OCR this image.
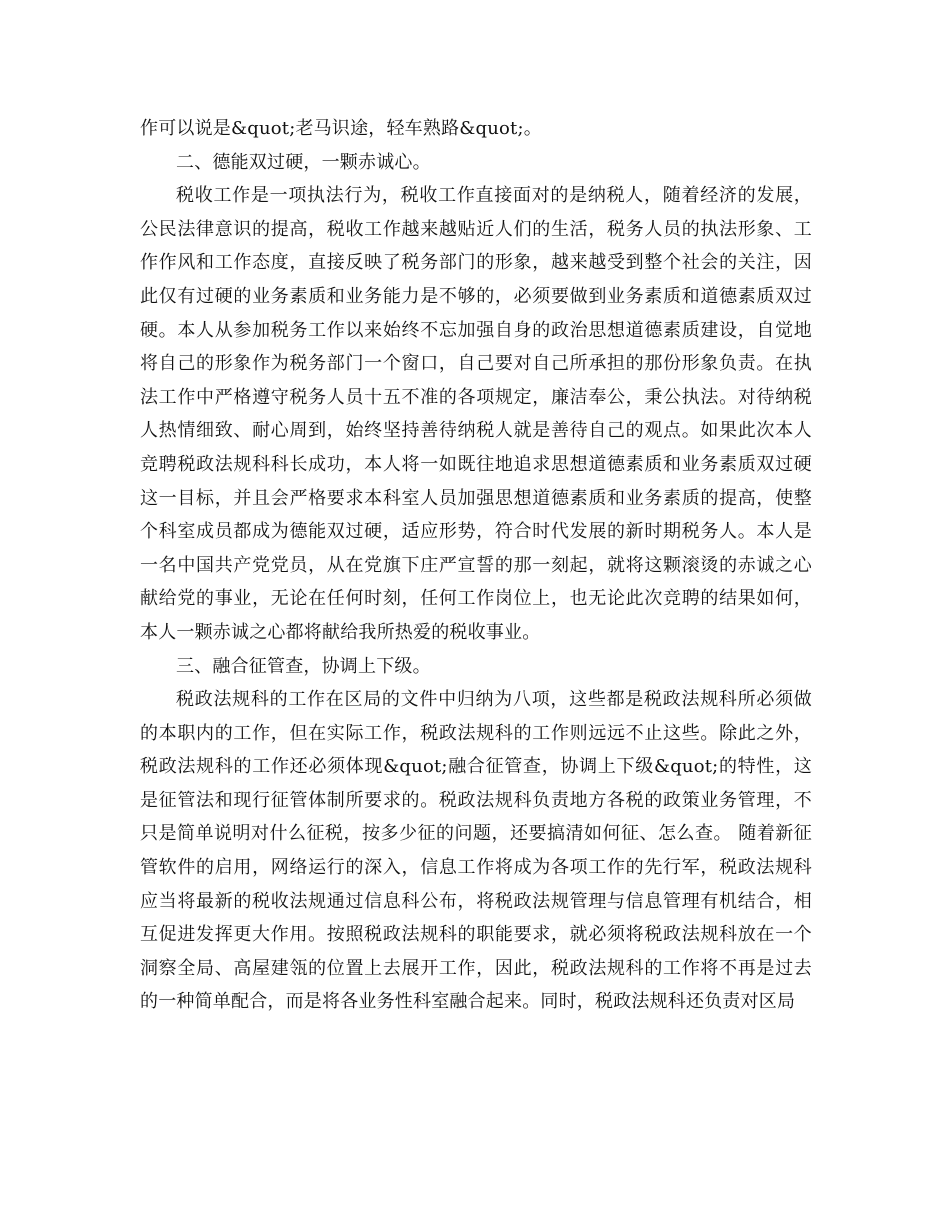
作可以说是&quot;老马识途，轻车熟路&quot;。

二、德能双过硬，一颗赤诚心。

税收工作是一项执法行为，税收工作直接面对的是纳税人，随着经济的发展，公民法律意识的提高，税收工作越来越贴近人们的生活，税务人员的执法形象、工作作风和工作态度，直接反映了税务部门的形象，越来越受到整个社会的关注，因此仅有过硬的业务素质和业务能力是不够的，必须要做到业务素质和道德素质双过硬。本人从参加税务工作以来始终不忘加强自身的政治思想道德素质建设，自觉地将自己的形象作为税务部门一个窗口，自己要对自己所承担的那份形象负责。在执法工作中严格遵守税务人员十五不准的各项规定，廉洁奉公，秉公执法。对待纳税人热情细致、耐心周到，始终坚持善待纳税人就是善待自己的观点。如果此次本人竞聘税政法规科科长成功，本人将一如既往地追求思想道德素质和业务素质双过硬这一目标，并且会严格要求本科室人员加强思想道德素质和业务素质的提高，使整个科室成员都成为德能双过硬，适应形势，符合时代发展的新时期税务人。本人是一名中国共产党党员，从在党旗下庄严宣誓的那一刻起，就将这颗滚烫的赤诚之心献给党的事业，无论在任何时刻，任何工作岗位上，也无论此次竞聘的结果如何，本人一颗赤诚之心都将献给我所热爱的税收事业。

三、融合征管查，协调上下级。

税政法规科的工作在区局的文件中归纳为八项，这些都是税政法规科所必须做的本职内的工作，但在实际工作，税政法规科的工作则远远不止这些。除此之外，税政法规科的工作还必须体现&quot;融合征管查，协调上下级&quot;的特性，这是征管法和现行征管体制所要求的。税政法规科负责地方各税的政策业务管理，不只是简单说明对什么征税，按多少征的问题，还要搞清如何征、怎么查。 随着新征管软件的启用，网络运行的深入，信息工作将成为各项工作的先行军，税政法规科应当将最新的税收法规通过信息科公布，将税政法规管理与信息管理有机结合，相互促进发挥更大作用。按照税政法规科的职能要求，就必须将税政法规科放在一个洞察全局、高屋建瓴的位置上去展开工作，因此，税政法规科的工作将不再是过去的一种简单配合，而是将各业务性科室融合起来。同时，税政法规科还负责对区局
